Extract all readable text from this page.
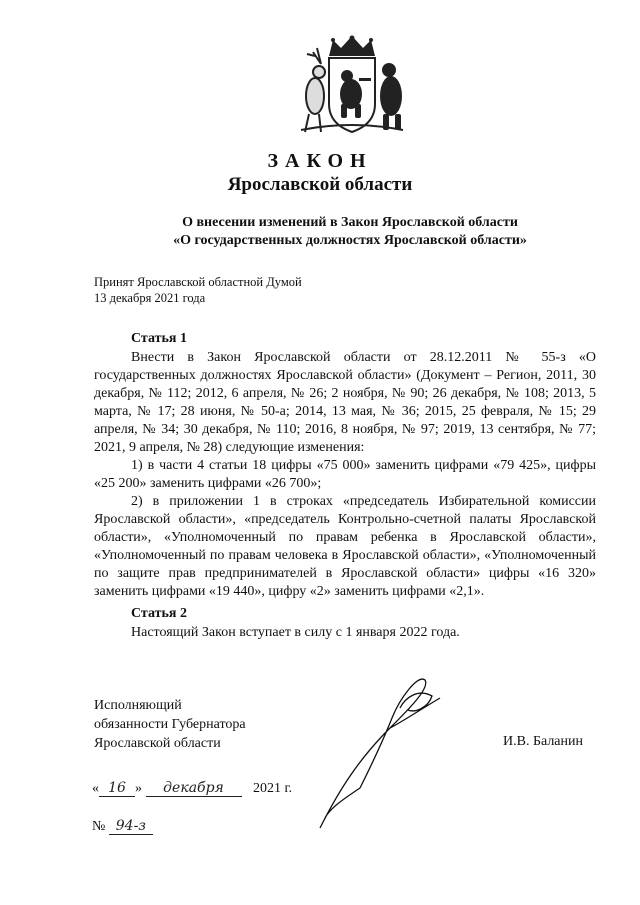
ЗАКОН
Ярославской области
О внесении изменений в Закон Ярославской области
«О государственных должностях Ярославской области»
Принят Ярославской областной Думой
13 декабря 2021 года
Статья 1
Внести в Закон Ярославской области от 28.12.2011 № 55-з «О государственных должностях Ярославской области» (Документ – Регион, 2011, 30 декабря, № 112; 2012, 6 апреля, № 26; 2 ноября, № 90; 26 декабря, № 108; 2013, 5 марта, № 17; 28 июня, № 50-а; 2014, 13 мая, № 36; 2015, 25 февраля, № 15; 29 апреля, № 34; 30 декабря, № 110; 2016, 8 ноября, № 97; 2019, 13 сентября, № 77; 2021, 9 апреля, № 28) следующие изменения:
1) в части 4 статьи 18 цифры «75 000» заменить цифрами «79 425», цифры «25 200» заменить цифрами «26 700»;
2) в приложении 1 в строках «председатель Избирательной комиссии Ярославской области», «председатель Контрольно-счетной палаты Ярославской области», «Уполномоченный по правам ребенка в Ярославской области», «Уполномоченный по правам человека в Ярославской области», «Уполномоченный по защите прав предпринимателей в Ярославской области» цифры «16 320» заменить цифрами «19 440», цифру «2» заменить цифрами «2,1».
Статья 2
Настоящий Закон вступает в силу с 1 января 2022 года.
Исполняющий
обязанности Губернатора
Ярославской области	И.В. Баланин
« 16 » декабря 2021 г.
№ 94-з
